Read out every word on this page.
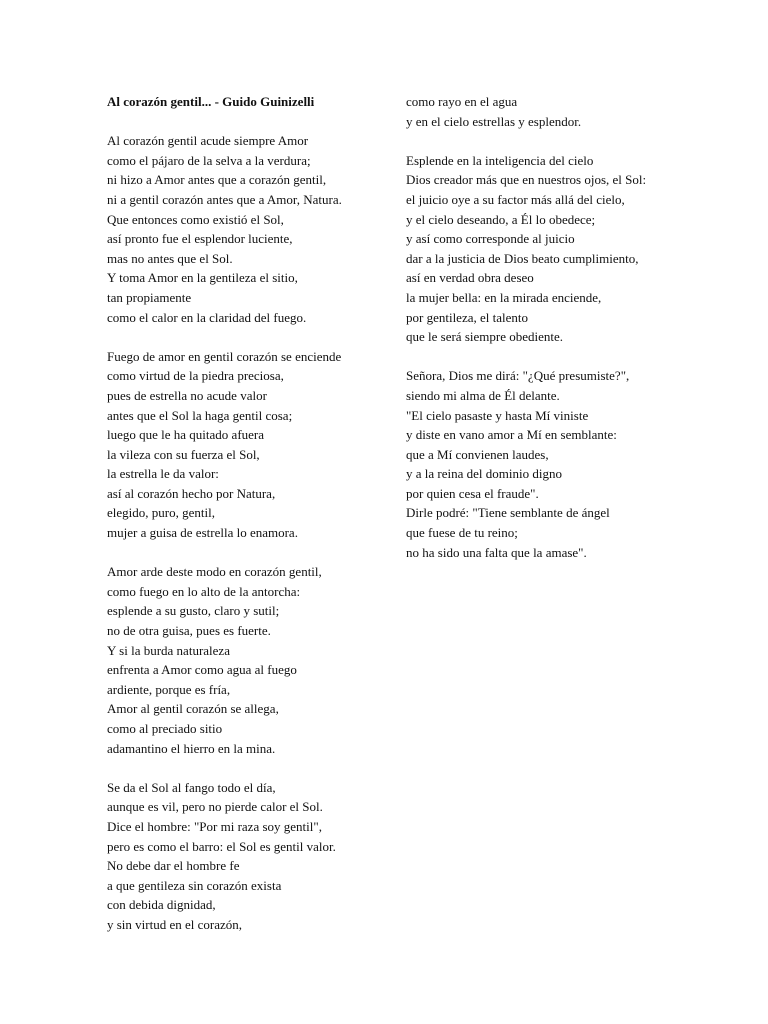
Al corazón gentil... - Guido Guinizelli
Al corazón gentil acude siempre Amor
como el pájaro de la selva a la verdura;
ni hizo a Amor antes que a corazón gentil,
ni a gentil corazón antes que a Amor, Natura.
Que entonces como existió el Sol,
así pronto fue el esplendor luciente,
mas no antes que el Sol.
Y toma Amor en la gentileza el sitio,
tan propiamente
como el calor en la claridad del fuego.
Fuego de amor en gentil corazón se enciende
como virtud de la piedra preciosa,
pues de estrella no acude valor
antes que el Sol la haga gentil cosa;
luego que le ha quitado afuera
la vileza con su fuerza el Sol,
la estrella le da valor:
así al corazón hecho por Natura,
elegido, puro, gentil,
mujer a guisa de estrella lo enamora.
Amor arde deste modo en corazón gentil,
como fuego en lo alto de la antorcha:
esplende a su gusto, claro y sutil;
no de otra guisa, pues es fuerte.
Y si la burda naturaleza
enfrenta a Amor como agua al fuego
ardiente, porque es fría,
Amor al gentil corazón se allega,
como al preciado sitio
adamantino el hierro en la mina.
Se da el Sol al fango todo el día,
aunque es vil, pero no pierde calor el Sol.
Dice el hombre: "Por mi raza soy gentil",
pero es como el barro: el Sol es gentil valor.
No debe dar el hombre fe
a que gentileza sin corazón exista
con debida dignidad,
y sin virtud en el corazón,
como rayo en el agua
y en el cielo estrellas y esplendor.
Esplende en la inteligencia del cielo
Dios creador más que en nuestros ojos, el Sol:
el juicio oye a su factor más allá del cielo,
y el cielo deseando, a Él lo obedece;
y así como corresponde al juicio
dar a la justicia de Dios beato cumplimiento,
así en verdad obra deseo
la mujer bella: en la mirada enciende,
por gentileza, el talento
que le será siempre obediente.
Señora, Dios me dirá: "¿Qué presumiste?",
siendo mi alma de Él delante.
"El cielo pasaste y hasta Mí viniste
y diste en vano amor a Mí en semblante:
que a Mí convienen laudes,
y a la reina del dominio digno
por quien cesa el fraude".
Dirle podré: "Tiene semblante de ángel
que fuese de tu reino;
no ha sido una falta que la amase".
